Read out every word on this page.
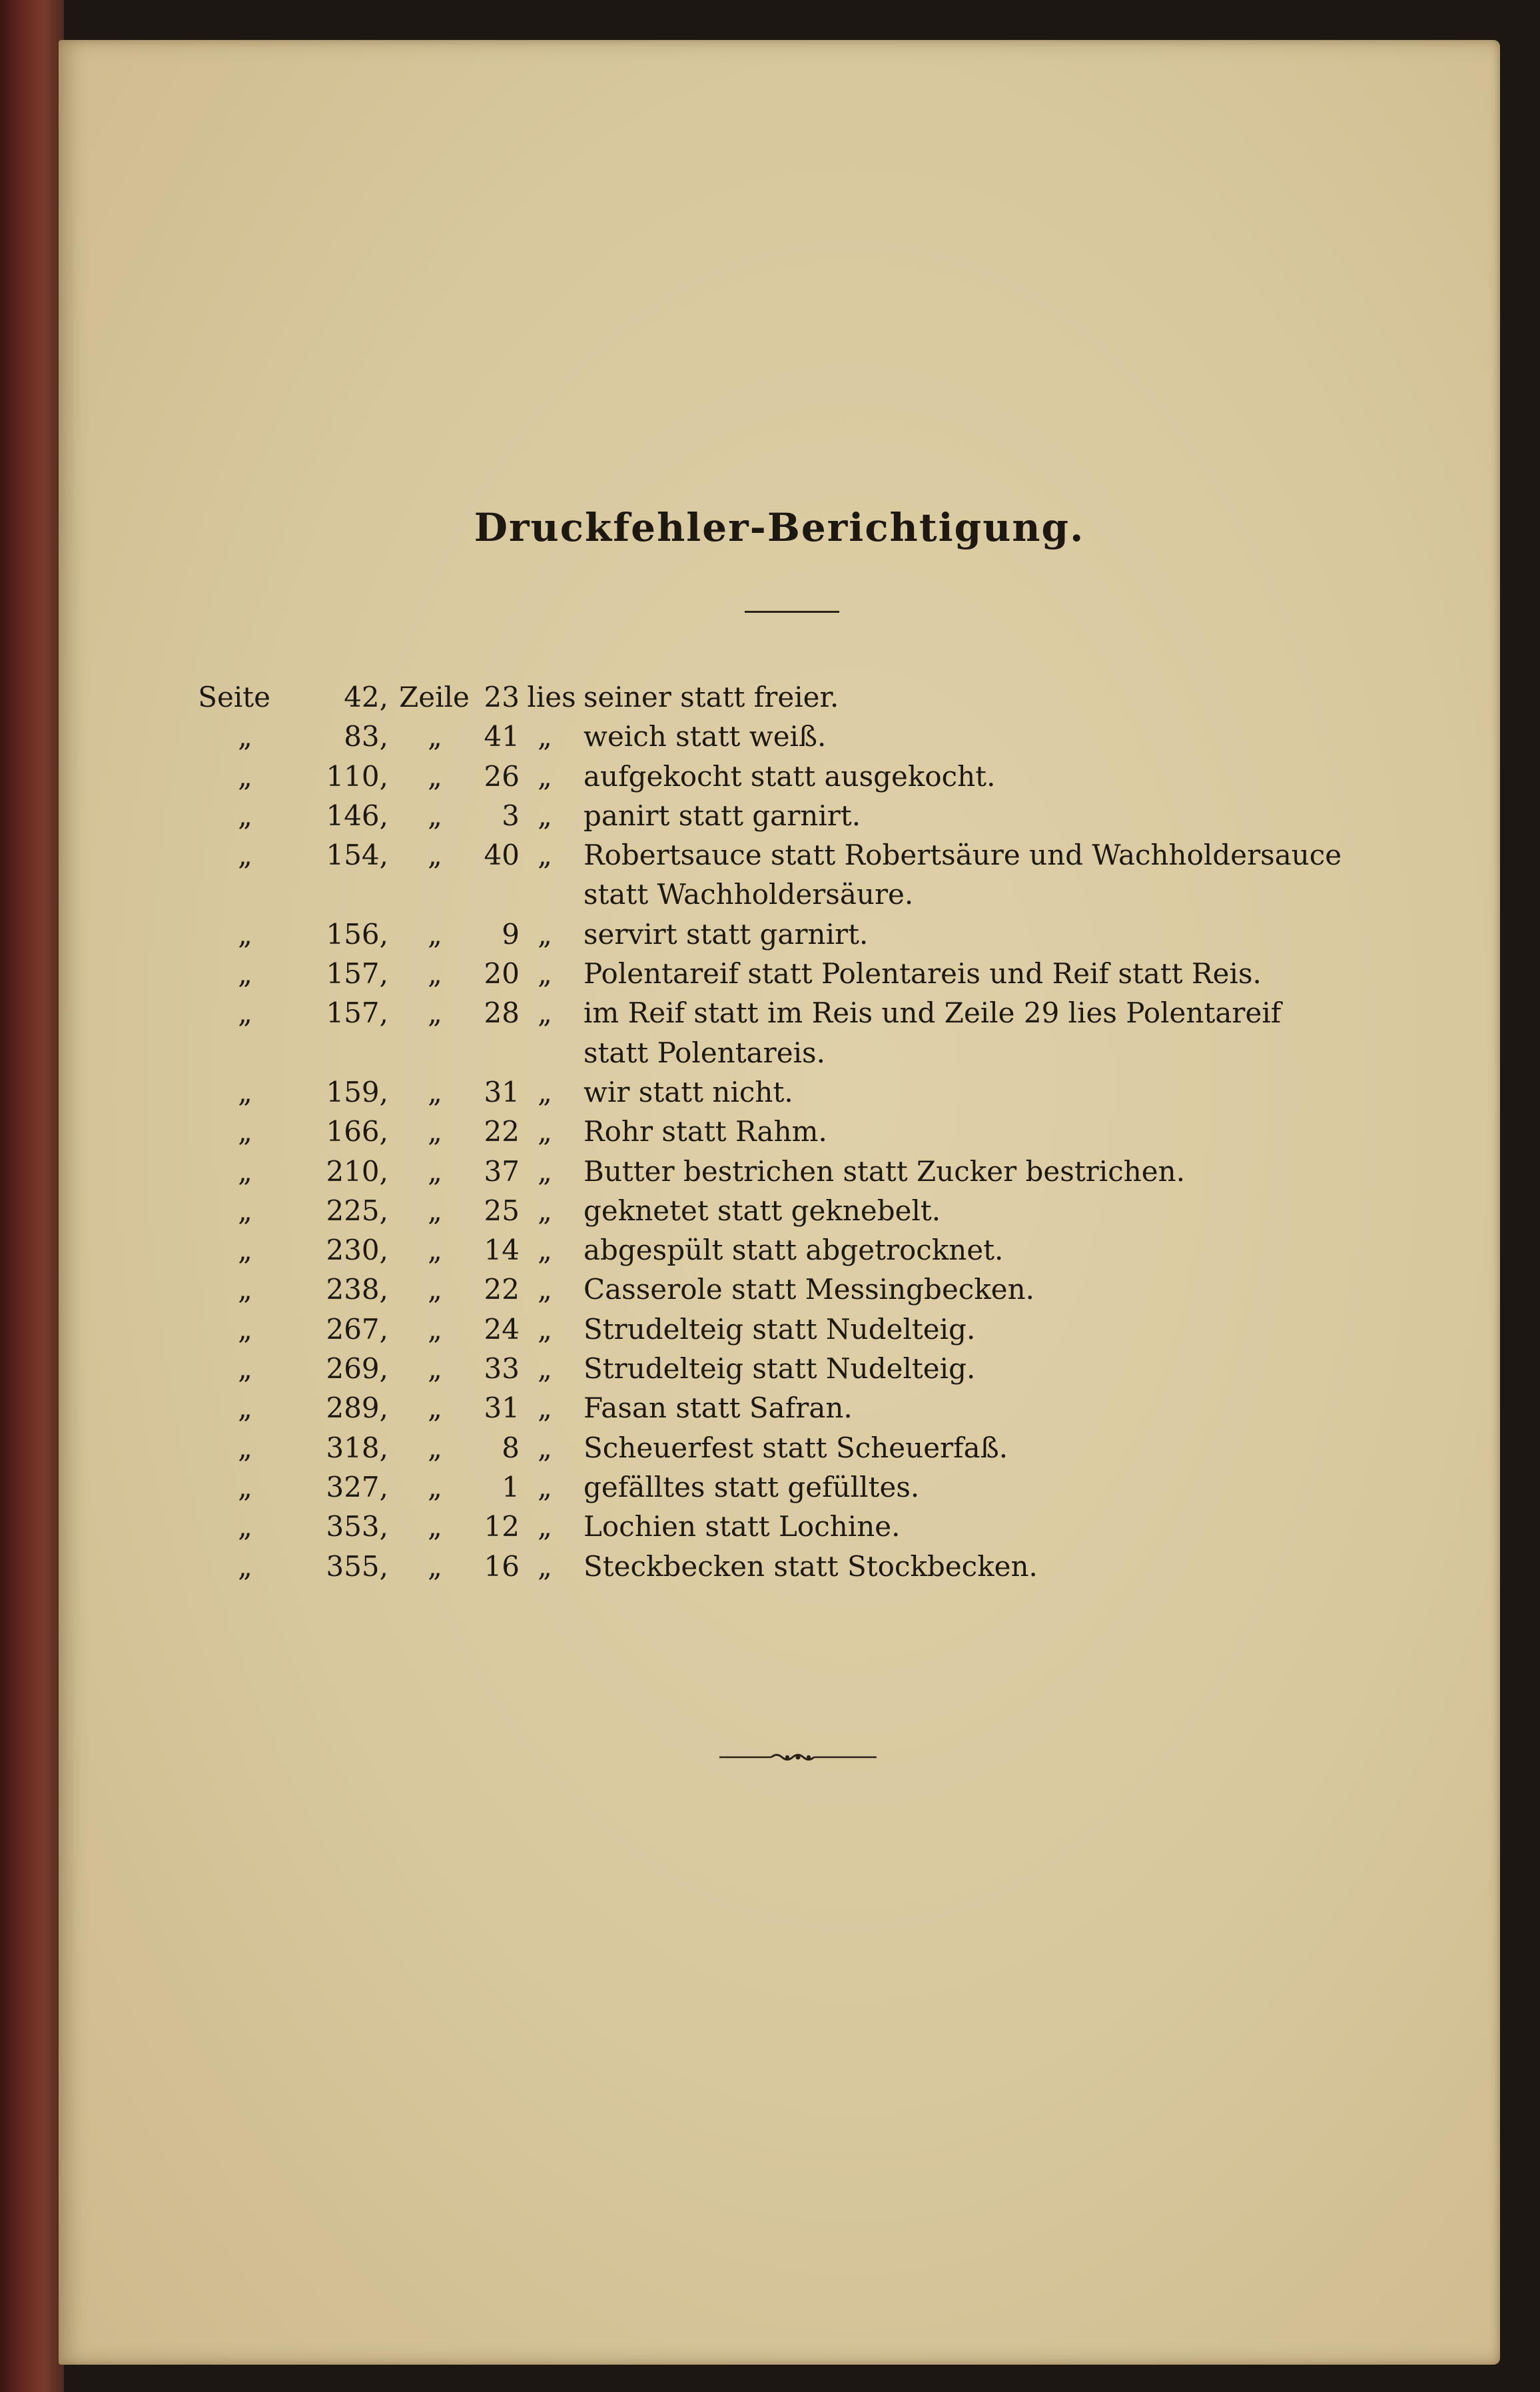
Druckfehler-Berichtigung.
Seite	42, Zeile 23 lies seiner statt freier.
„	83,	„	41 „	weich statt weiß.
„	110,	„	26 „	aufgekocht statt ausgekocht.
„	146,	„	3 „	panirt statt garnirt.
„	154,	„	40 „	Robertsauce statt Robertsäure und Wachholdersauce
statt Wachholdersäure.
„	156,	„	9 „	servirt statt garnirt.
„	157,	„	20 „	Polentareif statt Polentareis und Reif statt Reis.
„	157,	„	28 „	im Reif statt im Reis und Zeile 29 lies Polentareif
statt Polentareis.
„	159,	„	31 „	wir statt nicht.
„	166,	„	22 „	Rohr statt Rahm.
„	210,	„	37 „	Butter bestrichen statt Zucker bestrichen.
„	225,	„	25 „	geknetet statt geknebelt.
„	230,	„	14 „	abgespült statt abgetrocknet.
„	238,	„	22 „	Casserole statt Messingbecken.
„	267,	„	24 „	Strudelteig statt Nudelteig.
„	269,	„	33 „	Strudelteig statt Nudelteig.
„	289,	„	31 „	Fasan statt Safran.
„	318,	„	8 „	Scheuerfest statt Scheuerfaß.
„	327,	„	1 „	gefälltes statt gefülltes.
„	353,	„	12 „	Lochien statt Lochine.
„	355,	„	16 „	Steckbecken statt Stockbecken.
